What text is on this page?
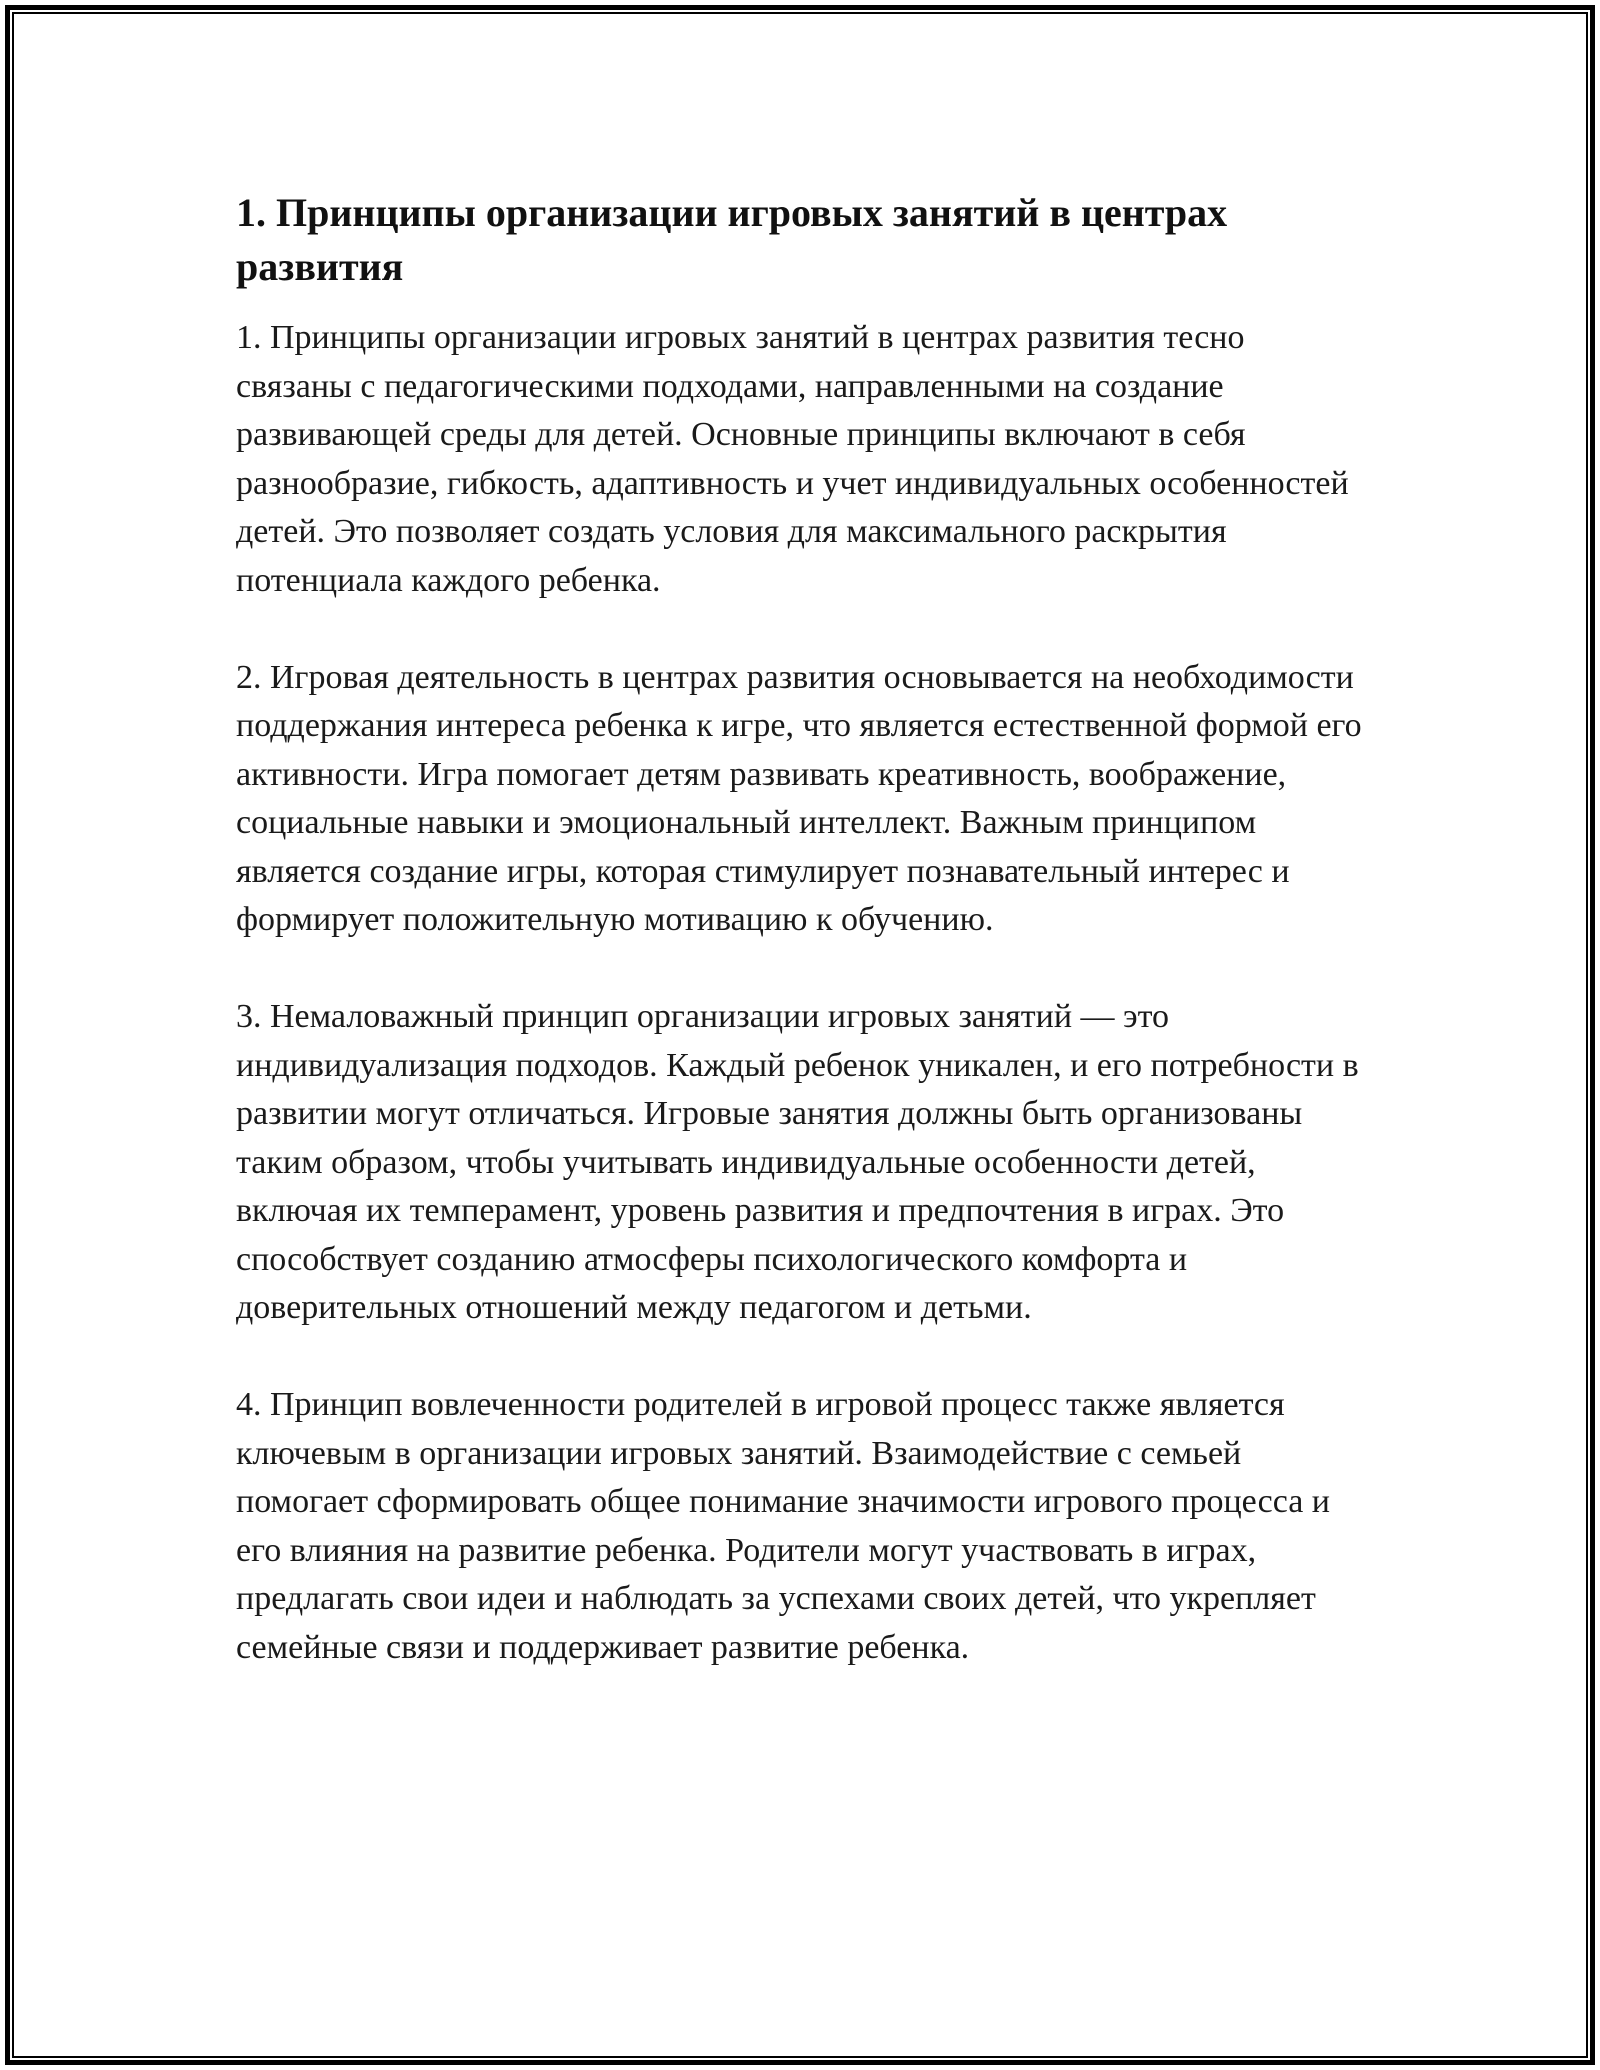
1. Принципы организации игровых занятий в центрах развития

1. Принципы организации игровых занятий в центрах развития тесно связаны с педагогическими подходами, направленными на создание развивающей среды для детей. Основные принципы включают в себя разнообразие, гибкость, адаптивность и учет индивидуальных особенностей детей. Это позволяет создать условия для максимального раскрытия потенциала каждого ребенка.

2. Игровая деятельность в центрах развития основывается на необходимости поддержания интереса ребенка к игре, что является естественной формой его активности. Игра помогает детям развивать креативность, воображение, социальные навыки и эмоциональный интеллект. Важным принципом является создание игры, которая стимулирует познавательный интерес и формирует положительную мотивацию к обучению.

3. Немаловажный принцип организации игровых занятий — это индивидуализация подходов. Каждый ребенок уникален, и его потребности в развитии могут отличаться. Игровые занятия должны быть организованы таким образом, чтобы учитывать индивидуальные особенности детей, включая их темперамент, уровень развития и предпочтения в играх. Это способствует созданию атмосферы психологического комфорта и доверительных отношений между педагогом и детьми.

4. Принцип вовлеченности родителей в игровой процесс также является ключевым в организации игровых занятий. Взаимодействие с семьей помогает сформировать общее понимание значимости игрового процесса и его влияния на развитие ребенка. Родители могут участвовать в играх, предлагать свои идеи и наблюдать за успехами своих детей, что укрепляет семейные связи и поддерживает развитие ребенка.
